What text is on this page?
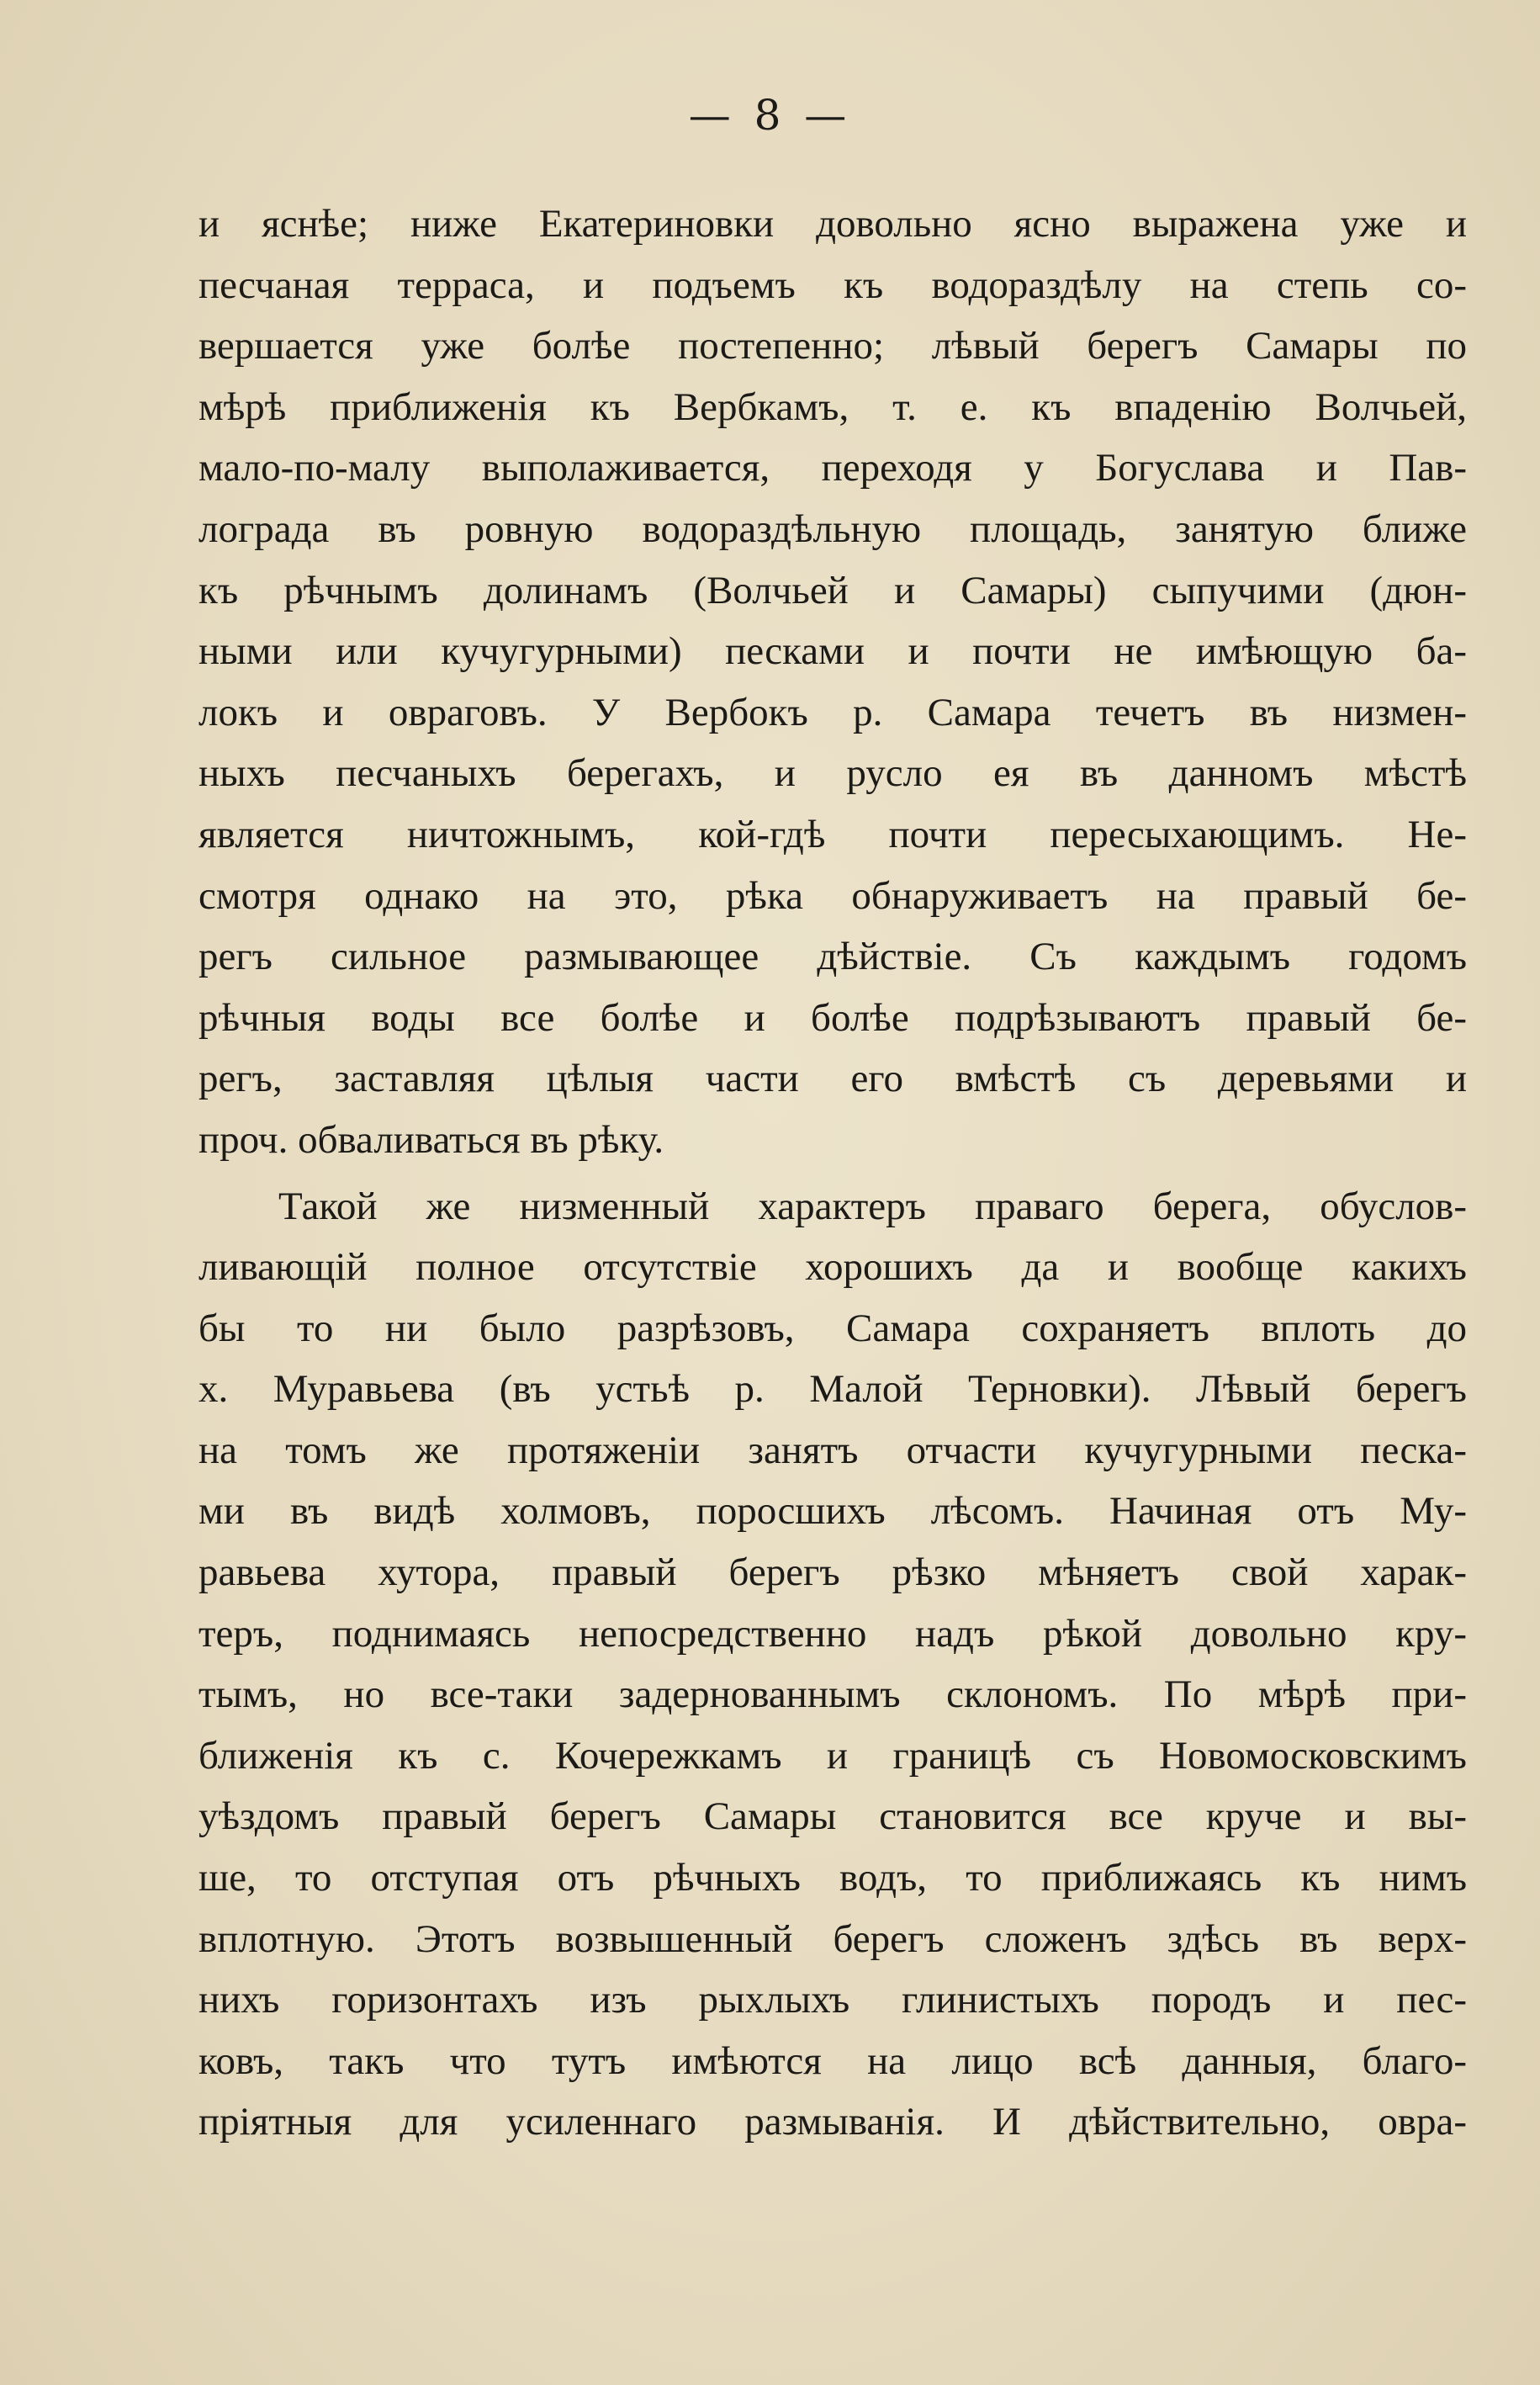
— 8 —
и яснѣе; ниже Екатериновки довольно ясно выражена уже и
песчаная терраса, и подъемъ къ водораздѣлу на степь со-
вершается уже болѣе постепенно; лѣвый берегъ Самары по
мѣрѣ приближенія къ Вербкамъ, т. е. къ впаденію Волчьей,
мало-по-малу выполаживается, переходя у Богуслава и Пав-
лограда въ ровную водораздѣльную площадь, занятую ближе
къ рѣчнымъ долинамъ (Волчьей и Самары) сыпучими (дюн-
ными или кучугурными) песками и почти не имѣющую ба-
локъ и овраговъ. У Вербокъ р. Самара течетъ въ низмен-
ныхъ песчаныхъ берегахъ, и русло ея въ данномъ мѣстѣ
является ничтожнымъ, кой-гдѣ почти пересыхающимъ. Не-
смотря однако на это, рѣка обнаруживаетъ на правый бе-
регъ сильное размывающее дѣйствіе. Съ каждымъ годомъ
рѣчныя воды все болѣе и болѣе подрѣзываютъ правый бе-
регъ, заставляя цѣлыя части его вмѣстѣ съ деревьями и
проч. обваливаться въ рѣку.
Такой же низменный характеръ праваго берега, обуслов-
ливающій полное отсутствіе хорошихъ да и вообще какихъ
бы то ни было разрѣзовъ, Самара сохраняетъ вплоть до
х. Муравьева (въ устьѣ р. Малой Терновки). Лѣвый берегъ
на томъ же протяженіи занятъ отчасти кучугурными песка-
ми въ видѣ холмовъ, поросшихъ лѣсомъ. Начиная отъ Му-
равьева хутора, правый берегъ рѣзко мѣняетъ свой харак-
теръ, поднимаясь непосредственно надъ рѣкой довольно кру-
тымъ, но все-таки задернованнымъ склономъ. По мѣрѣ при-
ближенія къ с. Кочережкамъ и границѣ съ Новомосковскимъ
уѣздомъ правый берегъ Самары становится все круче и вы-
ше, то отступая отъ рѣчныхъ водъ, то приближаясь къ нимъ
вплотную. Этотъ возвышенный берегъ сложенъ здѣсь въ верх-
нихъ горизонтахъ изъ рыхлыхъ глинистыхъ породъ и пес-
ковъ, такъ что тутъ имѣются на лицо всѣ данныя, благо-
пріятныя для усиленнаго размыванія. И дѣйствительно, овра-
